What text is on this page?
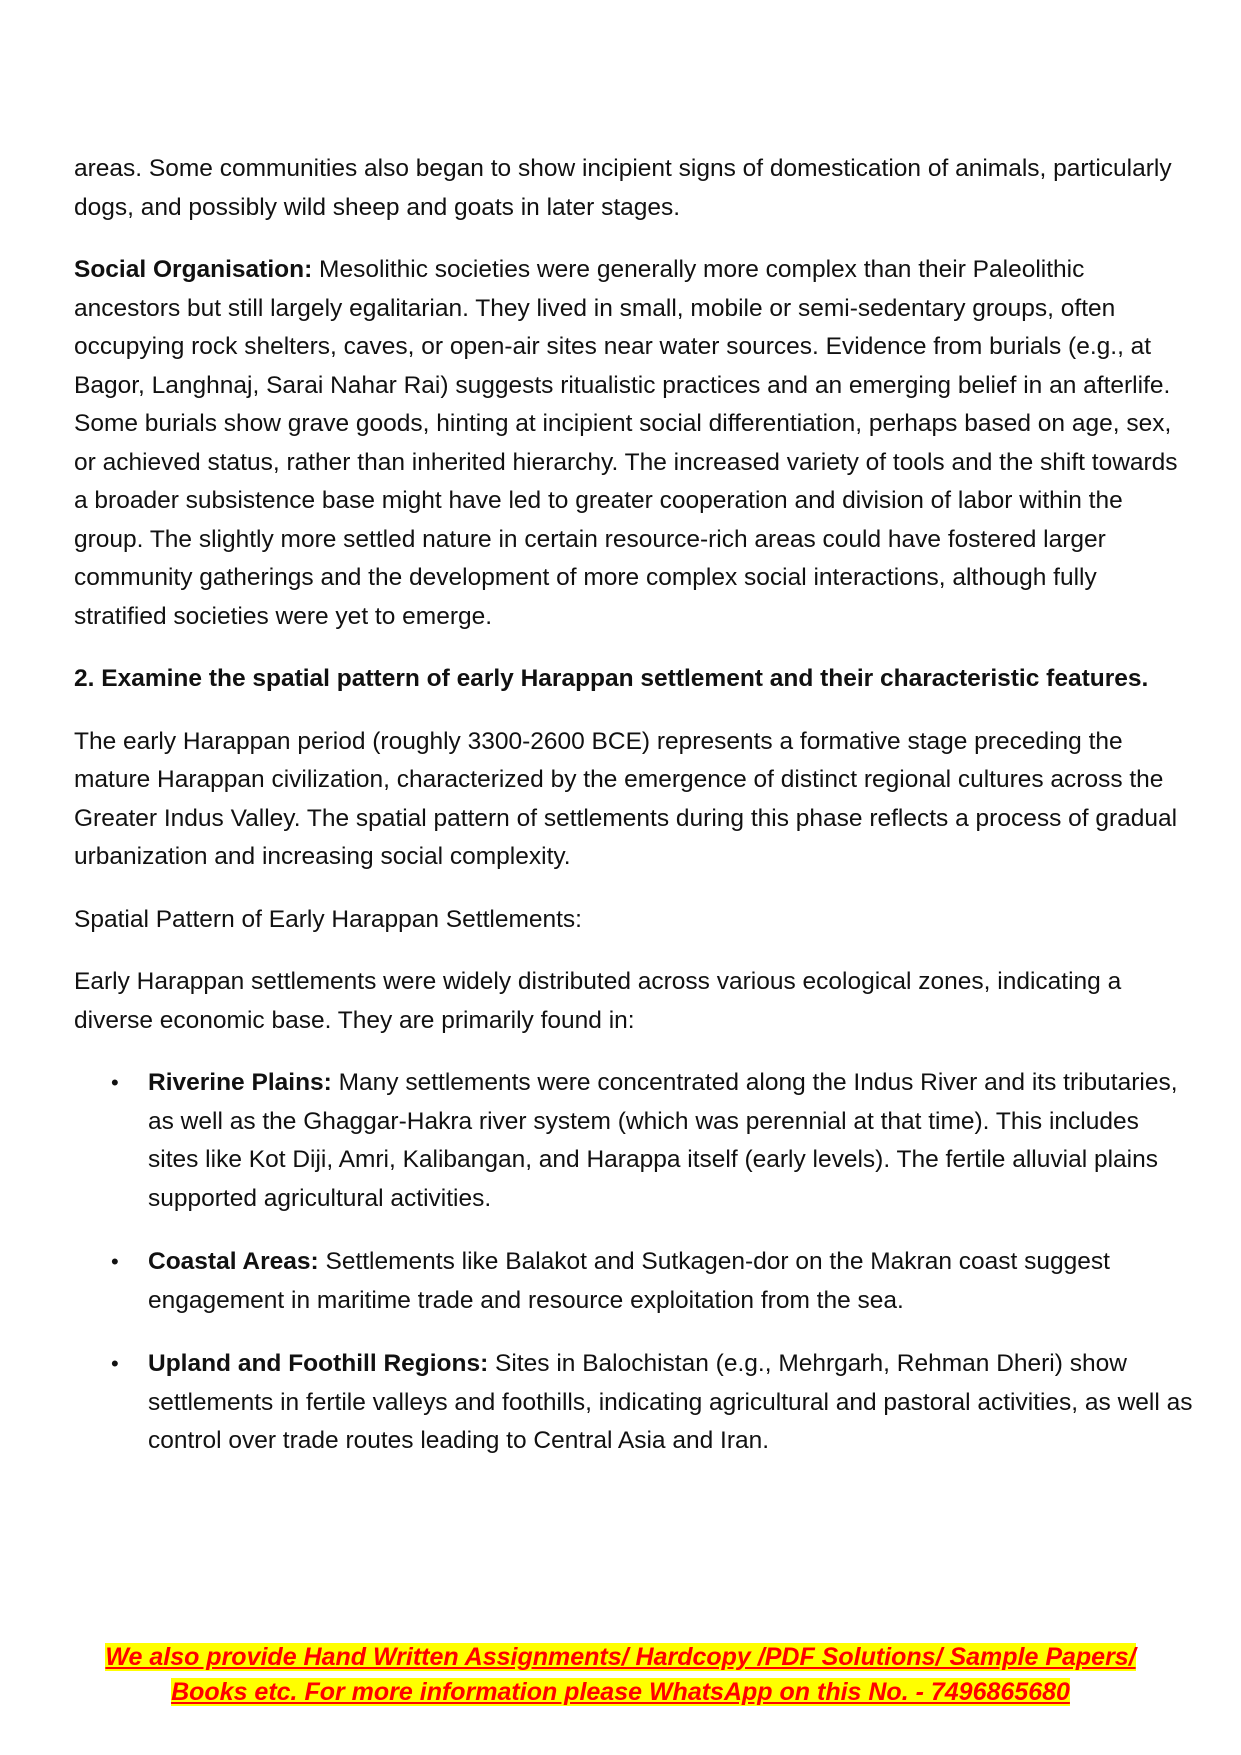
areas. Some communities also began to show incipient signs of domestication of animals, particularly dogs, and possibly wild sheep and goats in later stages.

Social Organisation: Mesolithic societies were generally more complex than their Paleolithic ancestors but still largely egalitarian. They lived in small, mobile or semi-sedentary groups, often occupying rock shelters, caves, or open-air sites near water sources. Evidence from burials (e.g., at Bagor, Langhnaj, Sarai Nahar Rai) suggests ritualistic practices and an emerging belief in an afterlife. Some burials show grave goods, hinting at incipient social differentiation, perhaps based on age, sex, or achieved status, rather than inherited hierarchy. The increased variety of tools and the shift towards a broader subsistence base might have led to greater cooperation and division of labor within the group. The slightly more settled nature in certain resource-rich areas could have fostered larger community gatherings and the development of more complex social interactions, although fully stratified societies were yet to emerge.

2. Examine the spatial pattern of early Harappan settlement and their characteristic features.

The early Harappan period (roughly 3300-2600 BCE) represents a formative stage preceding the mature Harappan civilization, characterized by the emergence of distinct regional cultures across the Greater Indus Valley. The spatial pattern of settlements during this phase reflects a process of gradual urbanization and increasing social complexity.

Spatial Pattern of Early Harappan Settlements:

Early Harappan settlements were widely distributed across various ecological zones, indicating a diverse economic base. They are primarily found in:

• Riverine Plains: Many settlements were concentrated along the Indus River and its tributaries, as well as the Ghaggar-Hakra river system (which was perennial at that time). This includes sites like Kot Diji, Amri, Kalibangan, and Harappa itself (early levels). The fertile alluvial plains supported agricultural activities.
• Coastal Areas: Settlements like Balakot and Sutkagen-dor on the Makran coast suggest engagement in maritime trade and resource exploitation from the sea.
• Upland and Foothill Regions: Sites in Balochistan (e.g., Mehrgarh, Rehman Dheri) show settlements in fertile valleys and foothills, indicating agricultural and pastoral activities, as well as control over trade routes leading to Central Asia and Iran.
We also provide Hand Written Assignments/ Hardcopy /PDF Solutions/ Sample Papers/
Books etc. For more information please WhatsApp on this No. - 7496865680
